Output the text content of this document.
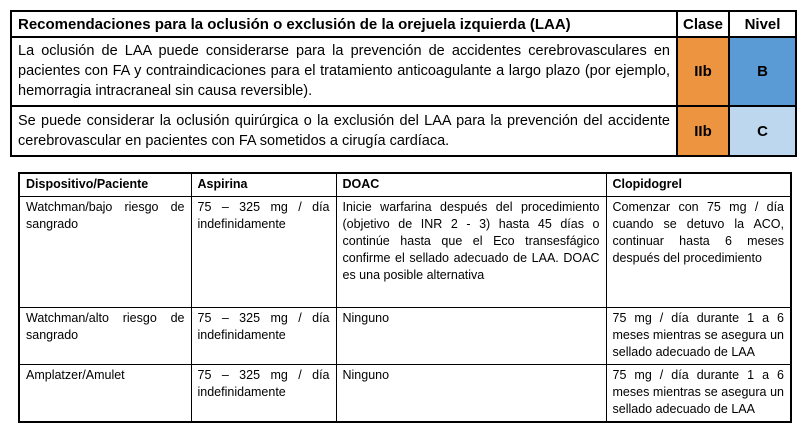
Recomendaciones para la oclusión o exclusión de la orejuela izquierda (LAA)	Clase	Nivel
La oclusión de LAA puede considerarse para la prevención de accidentes cerebrovasculares en pacientes con FA y contraindicaciones para el tratamiento anticoagulante a largo plazo (por ejemplo, hemorragia intracraneal sin causa reversible).	IIb	B
Se puede considerar la oclusión quirúrgica o la exclusión del LAA para la prevención del accidente cerebrovascular en pacientes con FA sometidos a cirugía cardíaca.	IIb	C
Dispositivo/Paciente	Aspirina	DOAC	Clopidogrel
Watchman/bajo riesgo de sangrado	75 – 325 mg / día indefinidamente	Inicie warfarina después del procedimiento (objetivo de INR 2 - 3) hasta 45 días o continúe hasta que el Eco transesfágico confirme el sellado adecuado de LAA. DOAC es una posible alternativa	Comenzar con 75 mg / día cuando se detuvo la ACO, continuar hasta 6 meses después del procedimiento
Watchman/alto riesgo de sangrado	75 – 325 mg / día indefinidamente	Ninguno	75 mg / día durante 1 a 6 meses mientras se asegura un sellado adecuado de LAA
Amplatzer/Amulet	75 – 325 mg / día indefinidamente	Ninguno	75 mg / día durante 1 a 6 meses mientras se asegura un sellado adecuado de LAA
